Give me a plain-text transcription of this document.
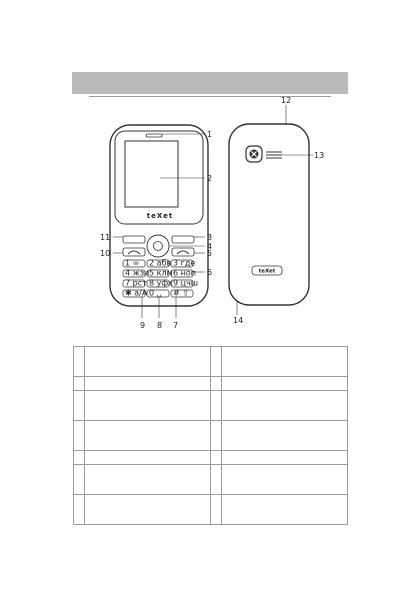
teXet
1 ∞ 2 абв 3 где
4 жзи 5 клм 6 ноп
7 рст 8 уфх 9 цчш
✱ a/A 0 ␣ # ⇧
1
2
3
4
5
6
7
8
9
10
11
teXet
12
13
14
